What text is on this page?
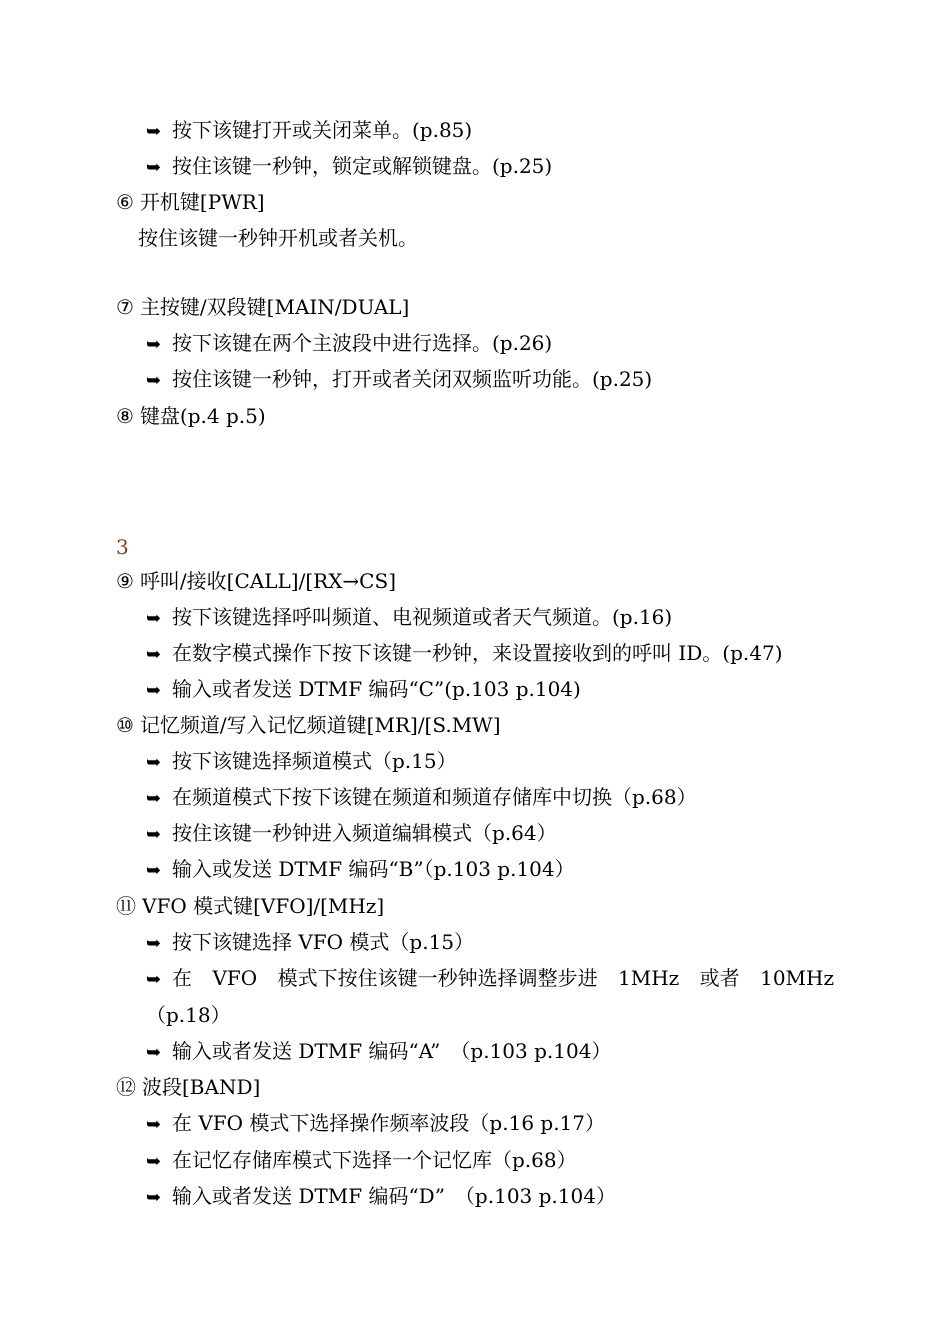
➥ 按下该键打开或关闭菜单。(p.85)
➥ 按住该键一秒钟，锁定或解锁键盘。(p.25)
⑥ 开机键[PWR]
按住该键一秒钟开机或者关机。
⑦ 主按键/双段键[MAIN/DUAL]
➥ 按下该键在两个主波段中进行选择。(p.26)
➥ 按住该键一秒钟，打开或者关闭双频监听功能。(p.25)
⑧ 键盘(p.4 p.5)
3
⑨ 呼叫/接收[CALL]/[RX→CS]
➥ 按下该键选择呼叫频道、电视频道或者天气频道。(p.16)
➥ 在数字模式操作下按下该键一秒钟，来设置接收到的呼叫 ID。(p.47)
➥ 输入或者发送 DTMF 编码“C”(p.103 p.104)
⑩ 记忆频道/写入记忆频道键[MR]/[S.MW]
➥ 按下该键选择频道模式（p.15）
➥ 在频道模式下按下该键在频道和频道存储库中切换（p.68）
➥ 按住该键一秒钟进入频道编辑模式（p.64）
➥ 输入或发送 DTMF 编码“B”（p.103 p.104）
⑪ VFO 模式键[VFO]/[MHz]
➥ 按下该键选择 VFO 模式（p.15）
➥ 在 VFO 模式下按住该键一秒钟选择调整步进 1MHz 或者 10MHz
（p.18）
➥ 输入或者发送 DTMF 编码“A”　（p.103 p.104）
⑫ 波段[BAND]
➥ 在 VFO 模式下选择操作频率波段（p.16 p.17）
➥ 在记忆存储库模式下选择一个记忆库（p.68）
➥ 输入或者发送 DTMF 编码“D”　（p.103 p.104）
